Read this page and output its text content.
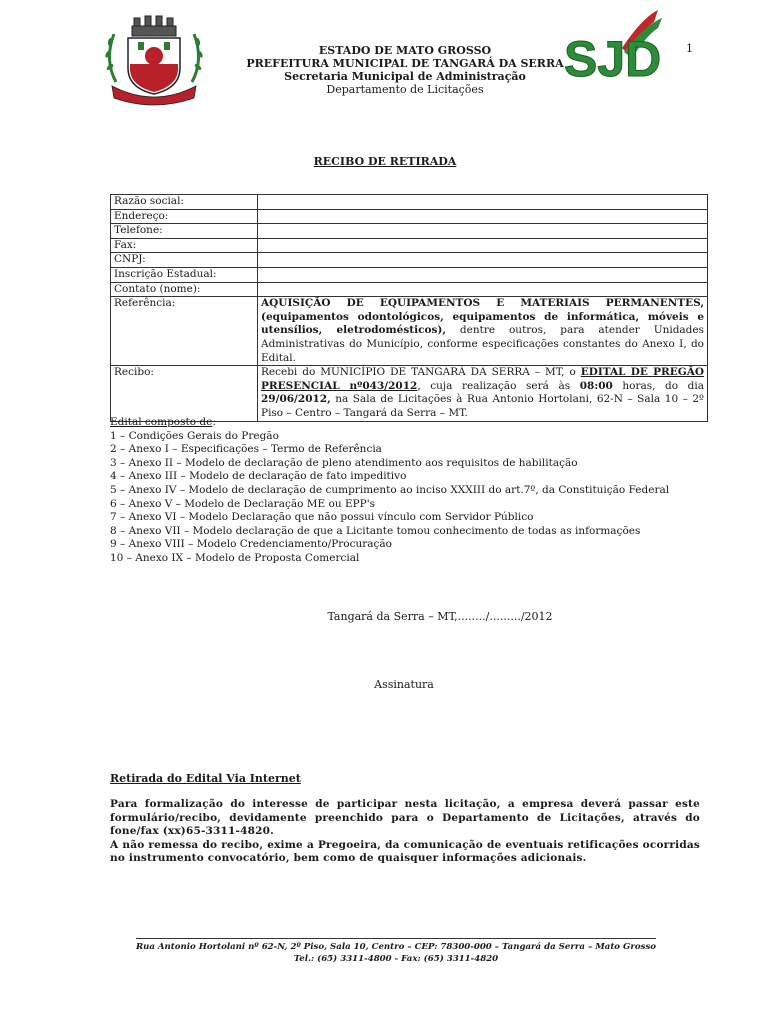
ESTADO DE MATO GROSSO
PREFEITURA MUNICIPAL DE TANGARÁ DA SERRA
Secretaria Municipal de Administração
Departamento de Licitações
1
SJD
RECIBO DE RETIRADA
Razão social:	
Endereço:	
Telefone:	
Fax:	
CNPJ:	
Inscrição Estadual:	
Contato (nome):	
Referência:	AQUISIÇÃO DE EQUIPAMENTOS E MATERIAIS PERMANENTES, (equipamentos odontológicos, equipamentos de informática, móveis e utensílios, eletrodomésticos), dentre outros, para atender Unidades Administrativas do Município, conforme especificações constantes do Anexo I, do Edital.
Recibo:	Recebi do MUNICÍPIO DE TANGARÁ DA SERRA – MT, o EDITAL DE PREGÃO PRESENCIAL nº043/2012, cuja realização será às 08:00 horas, do dia 29/06/2012, na Sala de Licitações à Rua Antonio Hortolani, 62-N – Sala 10 – 2º Piso – Centro – Tangará da Serra – MT.
Edital composto de:
1 – Condições Gerais do Pregão
2 – Anexo I – Especificações – Termo de Referência
3 – Anexo II – Modelo de declaração de pleno atendimento aos requisitos de habilitação
4 – Anexo III – Modelo de declaração de fato impeditivo
5 – Anexo IV – Modelo de declaração de cumprimento ao inciso XXXIII do art.7º, da Constituição Federal
6 – Anexo V – Modelo de Declaração ME ou EPP's
7 – Anexo VI – Modelo Declaração que não possui vínculo com Servidor Público
8 – Anexo VII – Modelo declaração de que a Licitante tomou conhecimento de todas as informações
9 – Anexo VIII – Modelo Credenciamento/Procuração
10 – Anexo IX – Modelo de Proposta Comercial
Tangará da Serra – MT,......../........./2012
Assinatura
Retirada do Edital Via Internet
Para formalização do interesse de participar nesta licitação, a empresa deverá passar este formulário/recibo, devidamente preenchido para o Departamento de Licitações, através do fone/fax (xx)65-3311-4820.
A não remessa do recibo, exime a Pregoeira, da comunicação de eventuais retificações ocorridas no instrumento convocatório, bem como de quaisquer informações adicionais.
Rua Antonio Hortolani nº 62-N, 2º Piso, Sala 10, Centro – CEP: 78300-000 – Tangará da Serra – Mato Grosso
Tel.: (65) 3311-4800 - Fax: (65) 3311-4820
